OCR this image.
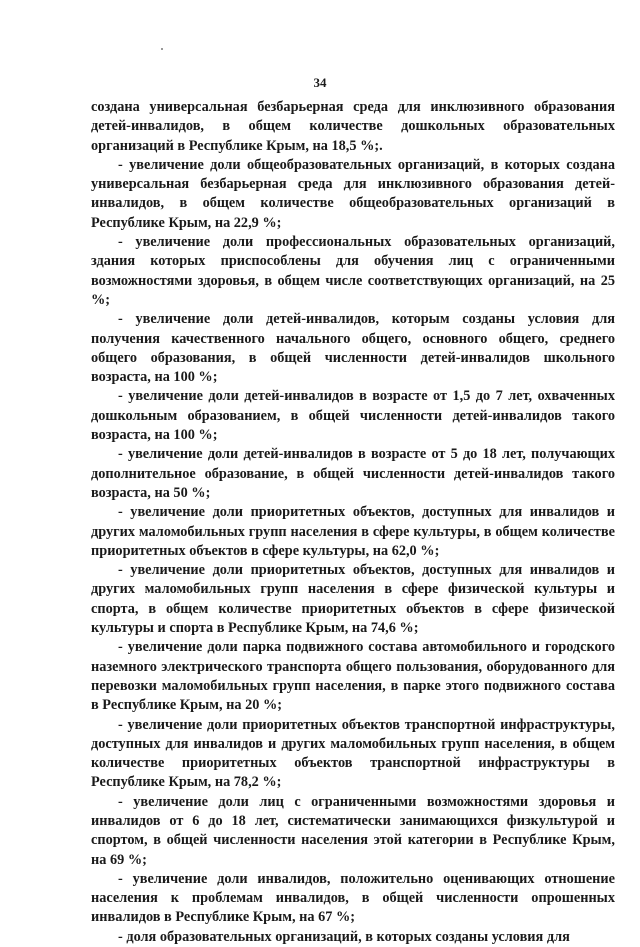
34

создана универсальная безбарьерная среда для инклюзивного образования детей-инвалидов, в общем количестве дошкольных образовательных организаций в Республике Крым, на 18,5 %;.

- увеличение доли общеобразовательных организаций, в которых создана универсальная безбарьерная среда для инклюзивного образования детей-инвалидов, в общем количестве общеобразовательных организаций в Республике Крым, на 22,9 %;

- увеличение доли профессиональных образовательных организаций, здания которых приспособлены для обучения лиц с ограниченными возможностями здоровья, в общем числе соответствующих организаций, на 25 %;

- увеличение доли детей-инвалидов, которым созданы условия для получения качественного начального общего, основного общего, среднего общего образования, в общей численности детей-инвалидов школьного возраста, на 100 %;

- увеличение доли детей-инвалидов в возрасте от 1,5 до 7 лет, охваченных дошкольным образованием, в общей численности детей-инвалидов такого возраста, на 100 %;

- увеличение доли детей-инвалидов в возрасте от 5 до 18 лет, получающих дополнительное образование, в общей численности детей-инвалидов такого возраста, на 50 %;

- увеличение доли приоритетных объектов, доступных для инвалидов и других маломобильных групп населения в сфере культуры, в общем количестве приоритетных объектов в сфере культуры, на 62,0 %;

- увеличение доли приоритетных объектов, доступных для инвалидов и других маломобильных групп населения в сфере физической культуры и спорта, в общем количестве приоритетных объектов в сфере физической культуры и спорта в Республике Крым, на 74,6 %;

- увеличение доли парка подвижного состава автомобильного и городского наземного электрического транспорта общего пользования, оборудованного для перевозки маломобильных групп населения, в парке этого подвижного состава в Республике Крым, на 20 %;

- увеличение доли приоритетных объектов транспортной инфраструктуры, доступных для инвалидов и других маломобильных групп населения, в общем количестве приоритетных объектов транспортной инфраструктуры в Республике Крым, на 78,2 %;

- увеличение доли лиц с ограниченными возможностями здоровья и инвалидов от 6 до 18 лет, систематически занимающихся физкультурой и спортом, в общей численности населения этой категории в Республике Крым, на 69 %;

- увеличение доли инвалидов, положительно оценивающих отношение населения к проблемам инвалидов, в общей численности опрошенных инвалидов в Республике Крым, на 67 %;

- доля образовательных организаций, в которых созданы условия для
